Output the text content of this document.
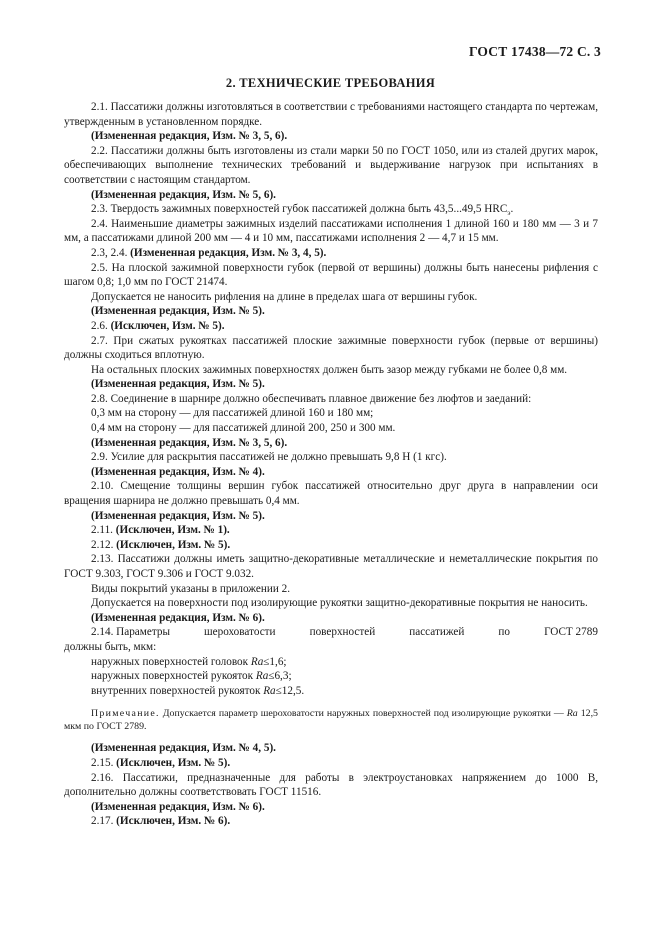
ГОСТ 17438—72 С. 3
2. ТЕХНИЧЕСКИЕ ТРЕБОВАНИЯ

2.1. Пассатижи должны изготовляться в соответствии с требованиями настоящего стандарта по чертежам, утвержденным в установленном порядке.

(Измененная редакция, Изм. № 3, 5, 6).

2.2. Пассатижи должны быть изготовлены из стали марки 50 по ГОСТ 1050, или из сталей других марок, обеспечивающих выполнение технических требований и выдерживание нагрузок при испытаниях в соответствии с настоящим стандартом.

(Измененная редакция, Изм. № 5, 6).

2.3. Твердость зажимных поверхностей губок пассатижей должна быть 43,5...49,5 $HRC_э$.

2.4. Наименьшие диаметры зажимных изделий пассатижами исполнения 1 длиной 160 и 180 мм — 3 и 7 мм, а пассатижами длиной 200 мм — 4 и 10 мм, пассатижами исполнения 2 — 4,7 и 15 мм.

2.3, 2.4. (Измененная редакция, Изм. № 3, 4, 5).

2.5. На плоской зажимной поверхности губок (первой от вершины) должны быть нанесены рифления с шагом 0,8; 1,0 мм по ГОСТ 21474.

Допускается не наносить рифления на длине в пределах шага от вершины губок.

(Измененная редакция, Изм. № 5).

2.6. (Исключен, Изм. № 5).

2.7. При сжатых рукоятках пассатижей плоские зажимные поверхности губок (первые от вершины) должны сходиться вплотную.

На остальных плоских зажимных поверхностях должен быть зазор между губками не более 0,8 мм.

(Измененная редакция, Изм. № 5).

2.8. Соединение в шарнире должно обеспечивать плавное движение без люфтов и заеданий:

0,3 мм на сторону — для пассатижей длиной 160 и 180 мм;

0,4 мм на сторону — для пассатижей длиной 200, 250 и 300 мм.

(Измененная редакция, Изм. № 3, 5, 6).

2.9. Усилие для раскрытия пассатижей не должно превышать 9,8 Н (1 кгс).

(Измененная редакция, Изм. № 4).

2.10. Смещение толщины вершин губок пассатижей относительно друг друга в направлении оси вращения шарнира не должно превышать 0,4 мм.

(Измененная редакция, Изм. № 5).

2.11. (Исключен, Изм. № 1).

2.12. (Исключен, Изм. № 5).

2.13. Пассатижи должны иметь защитно-декоративные металлические и неметаллические покрытия по ГОСТ 9.303, ГОСТ 9.306 и ГОСТ 9.032.

Виды покрытий указаны в приложении 2.

Допускается на поверхности под изолирующие рукоятки защитно-декоративные покрытия не наносить.

(Измененная редакция, Изм. № 6).

2.14. Параметры	шероховатости	поверхностей	пассатижей	по	ГОСТ 2789

должны быть, мкм:

наружных поверхностей головок Ra≤1,6;

наружных поверхностей рукояток Ra≤6,3;

внутренних поверхностей рукояток Ra≤12,5.

Примечание. Допускается параметр шероховатости наружных поверхностей под изолирующие рукоятки — Ra 12,5 мкм по ГОСТ 2789.

(Измененная редакция, Изм. № 4, 5).

2.15. (Исключен, Изм. № 5).

2.16. Пассатижи, предназначенные для работы в электроустановках напряжением до 1000 В, дополнительно должны соответствовать ГОСТ 11516.

(Измененная редакция, Изм. № 6).

2.17. (Исключен, Изм. № 6).
